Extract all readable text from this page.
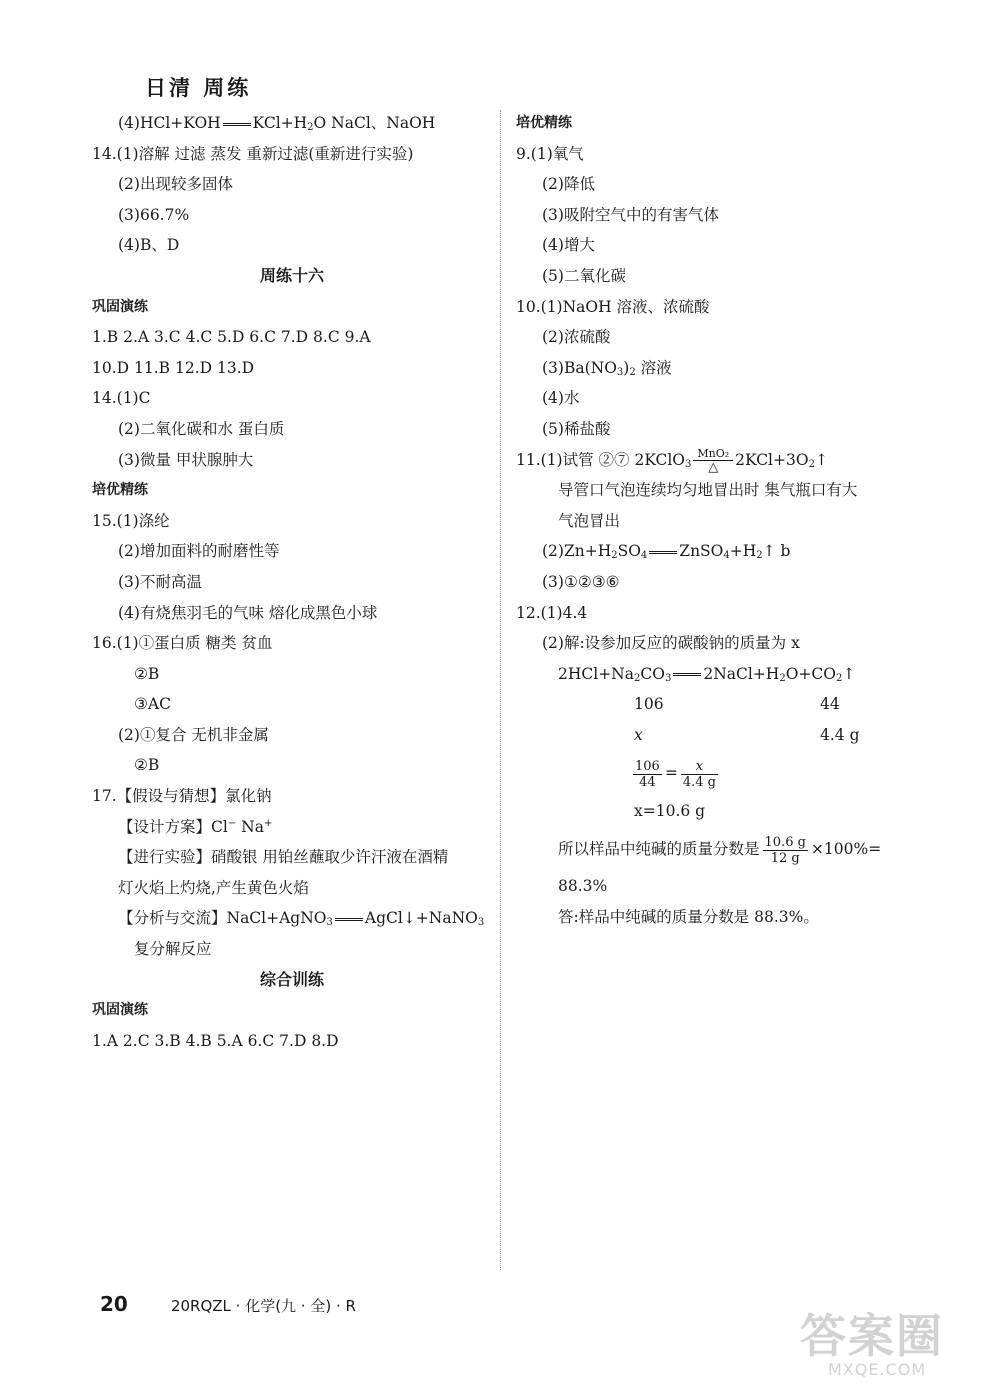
日清 周练
(4)HCl+KOH $KCl+H_2O$ NaCl、NaOH
14.(1)溶解 过滤 蒸发 重新过滤(重新进行实验)
(2)出现较多固体
(3)66.7%
(4)B、D
周练十六
巩固演练
1.B 2.A 3.C 4.C 5.D 6.C 7.D 8.C 9.A
10.D 11.B 12.D 13.D
14.(1)C
(2)二氧化碳和水 蛋白质
(3)微量 甲状腺肿大
培优精练
15.(1)涤纶
(2)增加面料的耐磨性等
(3)不耐高温
(4)有烧焦羽毛的气味 熔化成黑色小球
16.(1)①蛋白质 糖类 贫血
②B
③AC
(2)①复合 无机非金属
②B
17.【假设与猜想】氯化钠
【设计方案】Cl− Na+
【进行实验】硝酸银 用铂丝蘸取少许汗液在酒精
灯火焰上灼烧,产生黄色火焰
【分析与交流】NaCl+AgNO$_3$ AgCl↓+NaNO$_3$
复分解反应
综合训练
巩固演练
1.A 2.C 3.B 4.B 5.A 6.C 7.D 8.D
培优精练
9.(1)氧气
(2)降低
(3)吸附空气中的有害气体
(4)增大
(5)二氧化碳
10.(1)NaOH 溶液、浓硫酸
(2)浓硫酸
$(3)Ba(NO_3)_2$ 溶液
(4)水
(5)稀盐酸
11.(1)试管 ②⑦ 2KClO$_3$
MnO₂
△	$2KCl+3O_2↑$
导管口气泡连续均匀地冒出时 集气瓶口有大
气泡冒出
$(2)Zn+H_2SO_4$ $ZnSO_4+H_2↑$ b
(3)①②③⑥
12.(1)4.4
(2)解:设参加反应的碳酸钠的质量为 x
$2HCl+Na_2CO_3$ $2NaCl+H_2O+CO_2↑$
106	44
x	4.4 g
$\frac{106}{44} = \frac{x}{4.4 g}$
x=10.6 g
所以样品中纯碱的质量分数是 $\frac{10.6 g}{12 g} \times 100\%=$
88.3%
答:样品中纯碱的质量分数是 88.3%。
20	20RQZL · 化学(九 · 全) · R
答案圈
MXQE.COM
